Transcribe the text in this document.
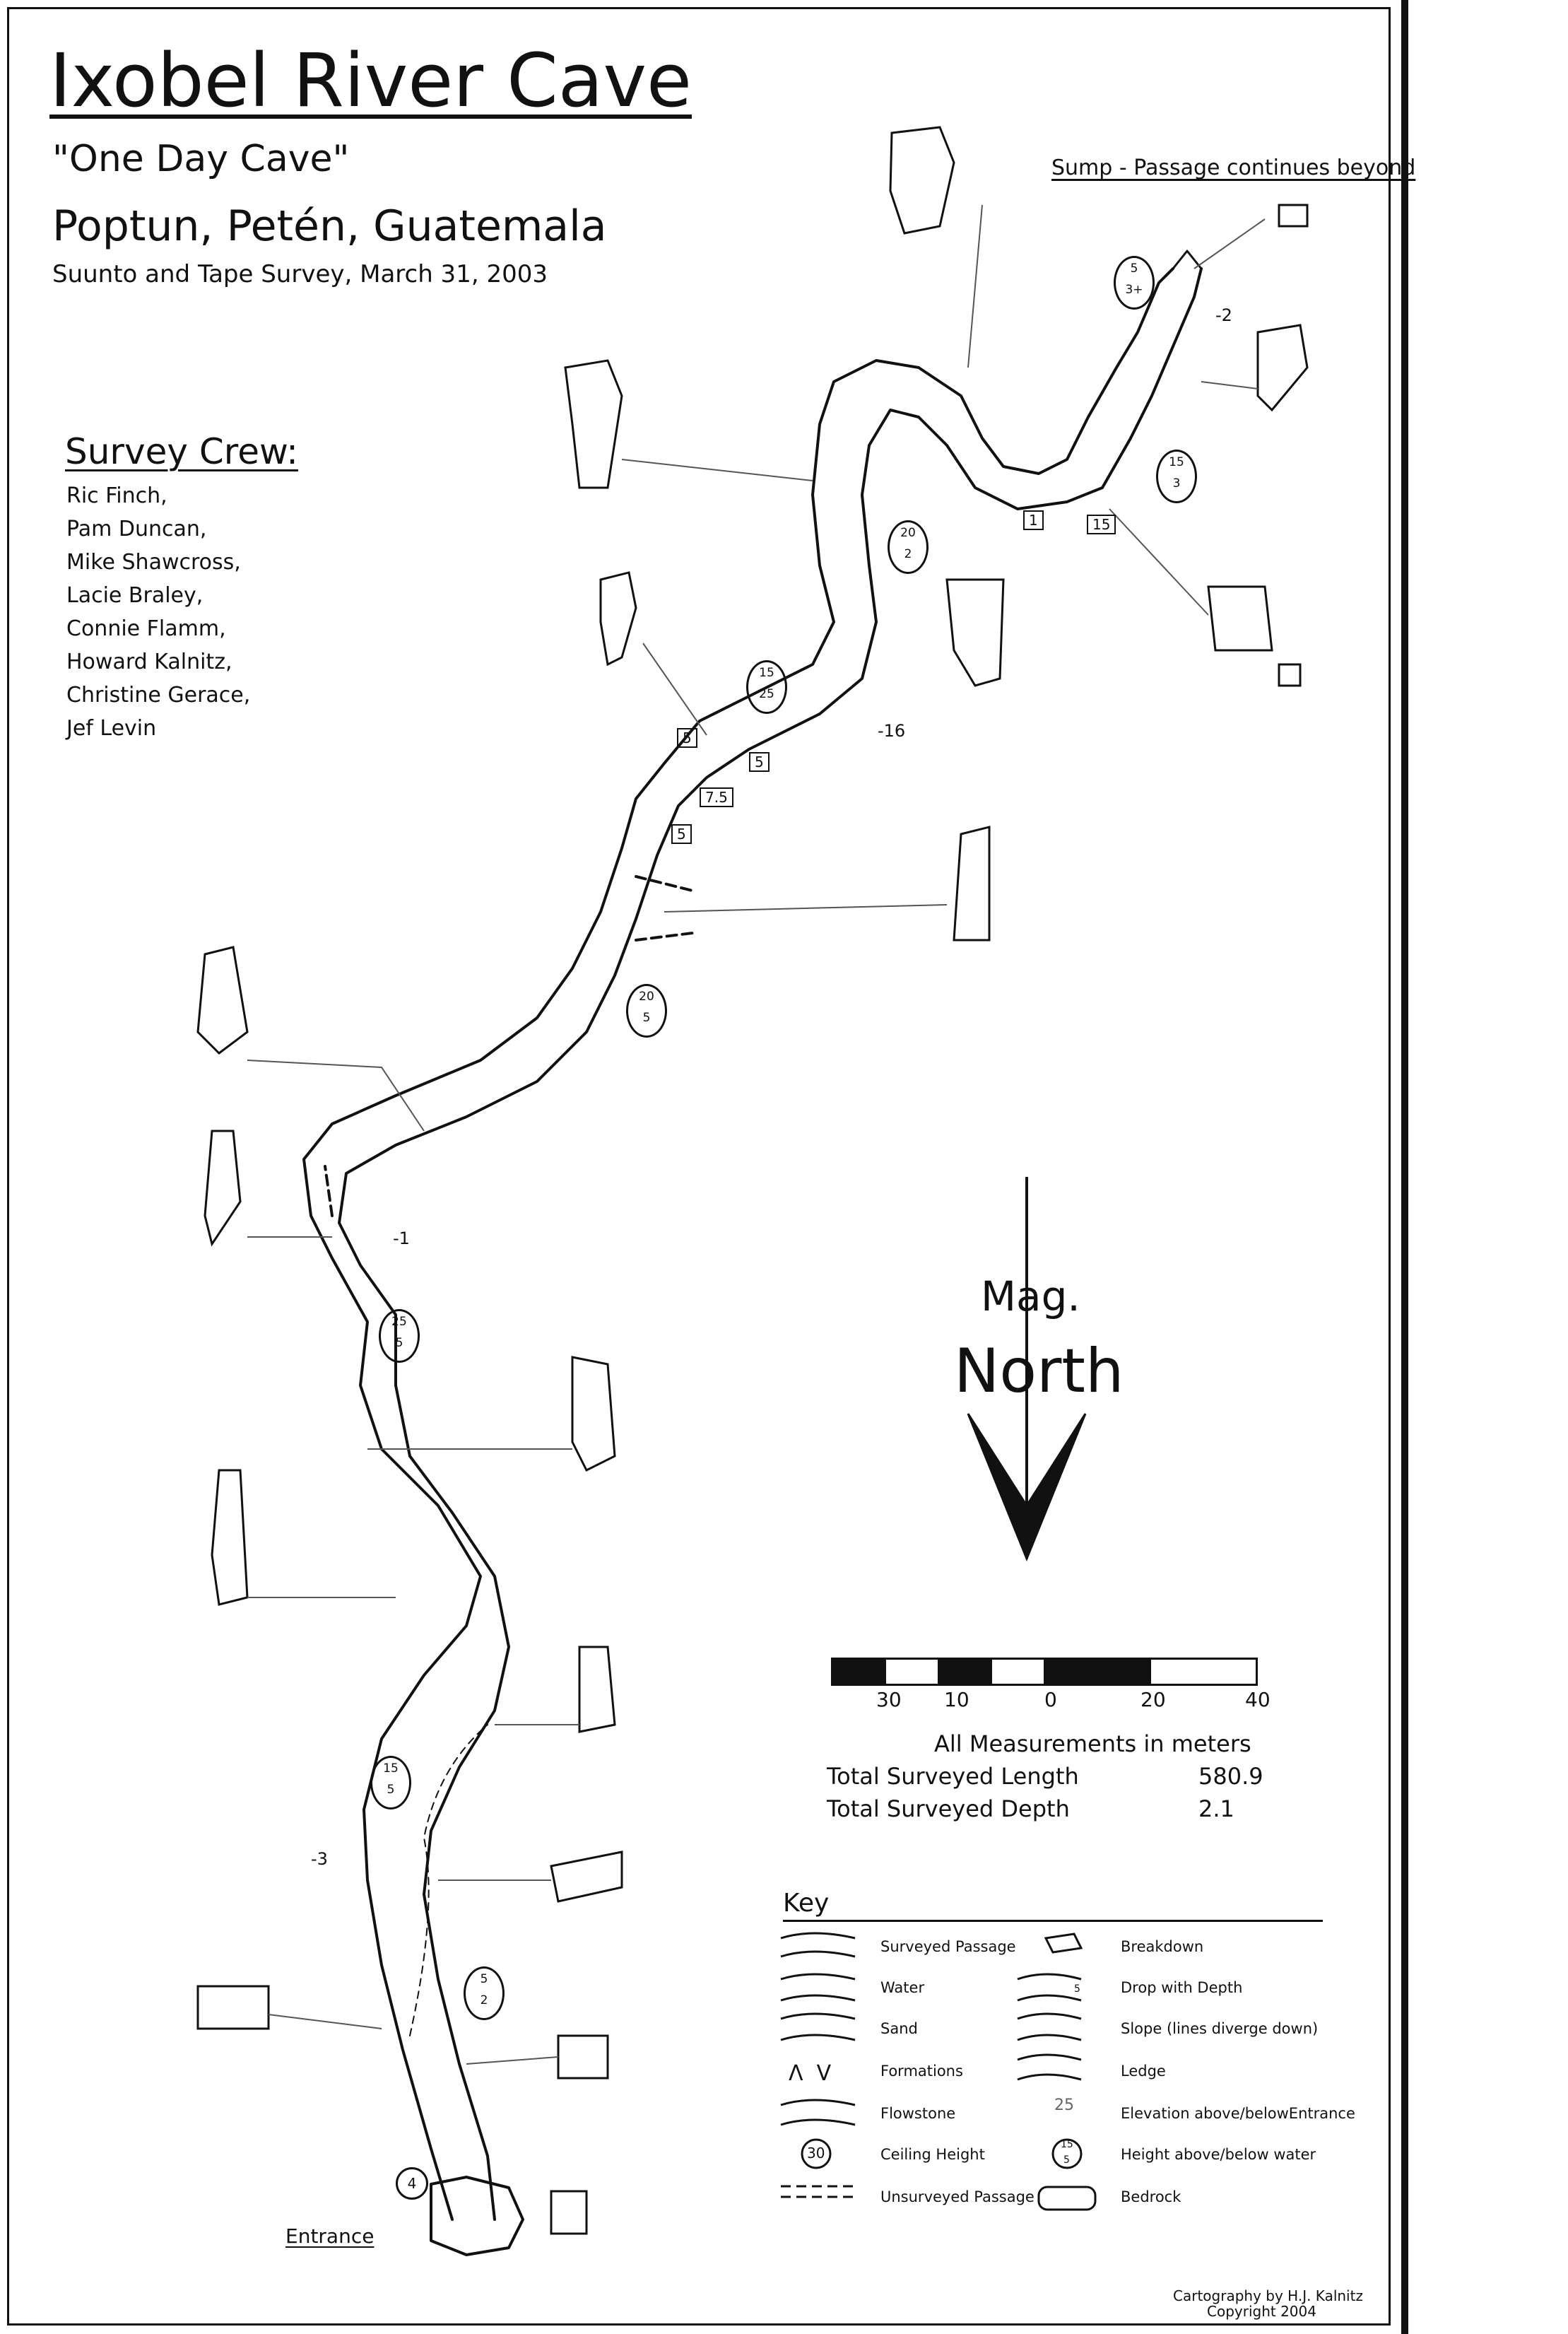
Ixobel River Cave
"One Day Cave"
Poptun, Petén, Guatemala
Suunto and Tape Survey, March 31, 2003
Survey Crew:
Ric Finch,
Pam Duncan,
Mike Shawcross,
Lacie Braley,
Connie Flamm,
Howard Kalnitz,
Christine Gerace,
Jef Levin
Sump - Passage continues beyond
Mag.
North
30 10	0	20	40
All Measurements in meters
Total Surveyed Length	580.9
Total Surveyed Depth	2.1
Key
Surveyed Passage
Water
Sand
Formations
Flowstone
Ceiling Height
Unsurveyed Passage
Breakdown
Drop with Depth
Slope (lines diverge down)
Ledge
Elevation above/belowEntrance
Height above/below water
Bedrock
Λ  V
30
25
15
5
5
Entrance
-2
-16
-1
-3
1	15
5
5
7.5
5
5
3+
15
3
20
2
15
25
20
5
25
5
15
5
5
2
4
Cartography by H.J. Kalnitz
Copyright 2004
